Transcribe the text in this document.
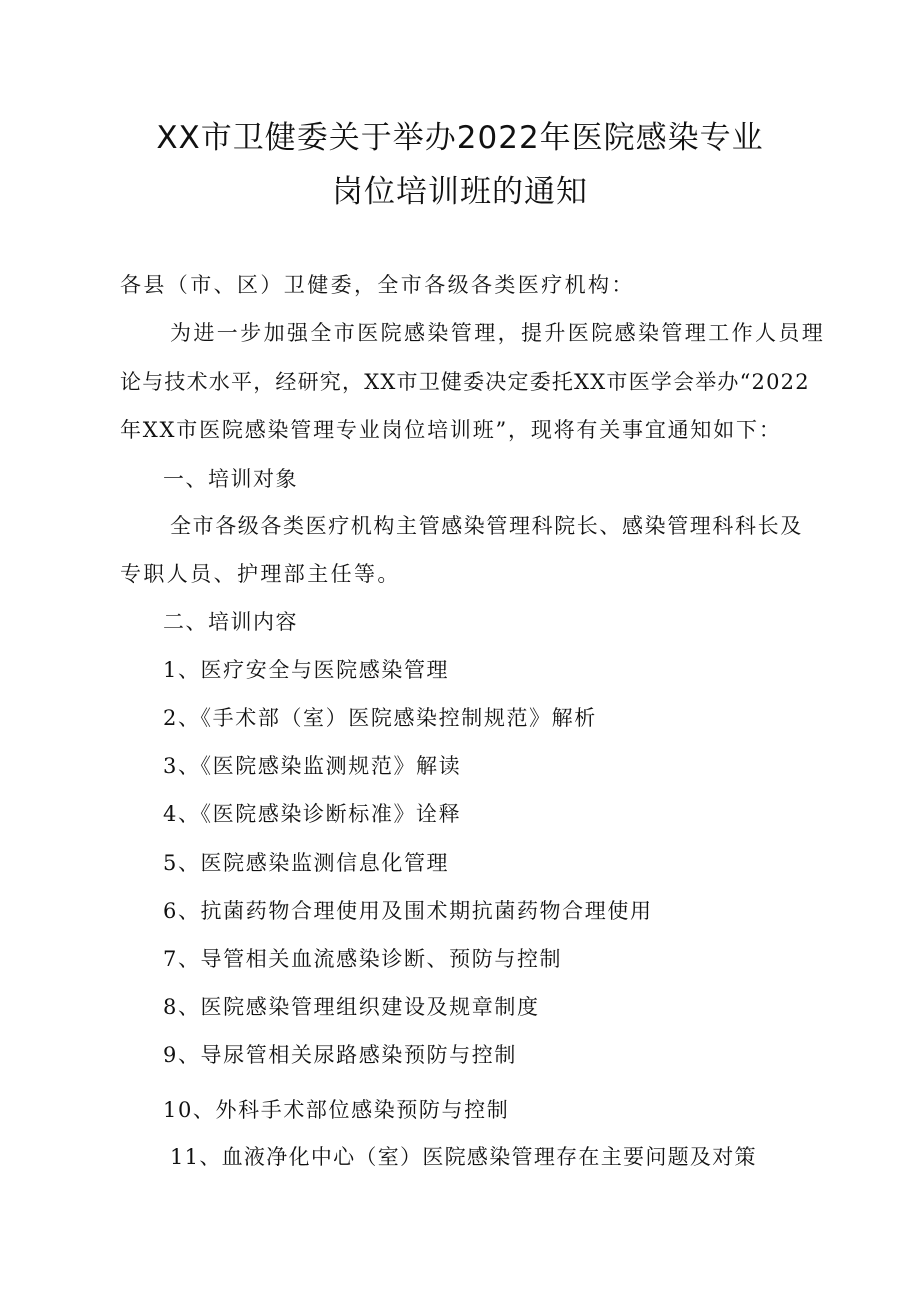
XX市卫健委关于举办2022年医院感染专业
岗位培训班的通知
各县（市、区）卫健委，全市各级各类医疗机构：
为进一步加强全市医院感染管理，提升医院感染管理工作人员理
论与技术水平，经研究，XX市卫健委决定委托XX市医学会举办“2022
年XX市医院感染管理专业岗位培训班”，现将有关事宜通知如下：
一、培训对象
全市各级各类医疗机构主管感染管理科院长、感染管理科科长及
专职人员、护理部主任等。
二、培训内容
1、医疗安全与医院感染管理
2、《手术部（室）医院感染控制规范》解析
3、《医院感染监测规范》解读
4、《医院感染诊断标准》诠释
5、医院感染监测信息化管理
6、抗菌药物合理使用及围术期抗菌药物合理使用
7、导管相关血流感染诊断、预防与控制
8、医院感染管理组织建设及规章制度
9、导尿管相关尿路感染预防与控制
10、外科手术部位感染预防与控制
11、血液净化中心（室）医院感染管理存在主要问题及对策
